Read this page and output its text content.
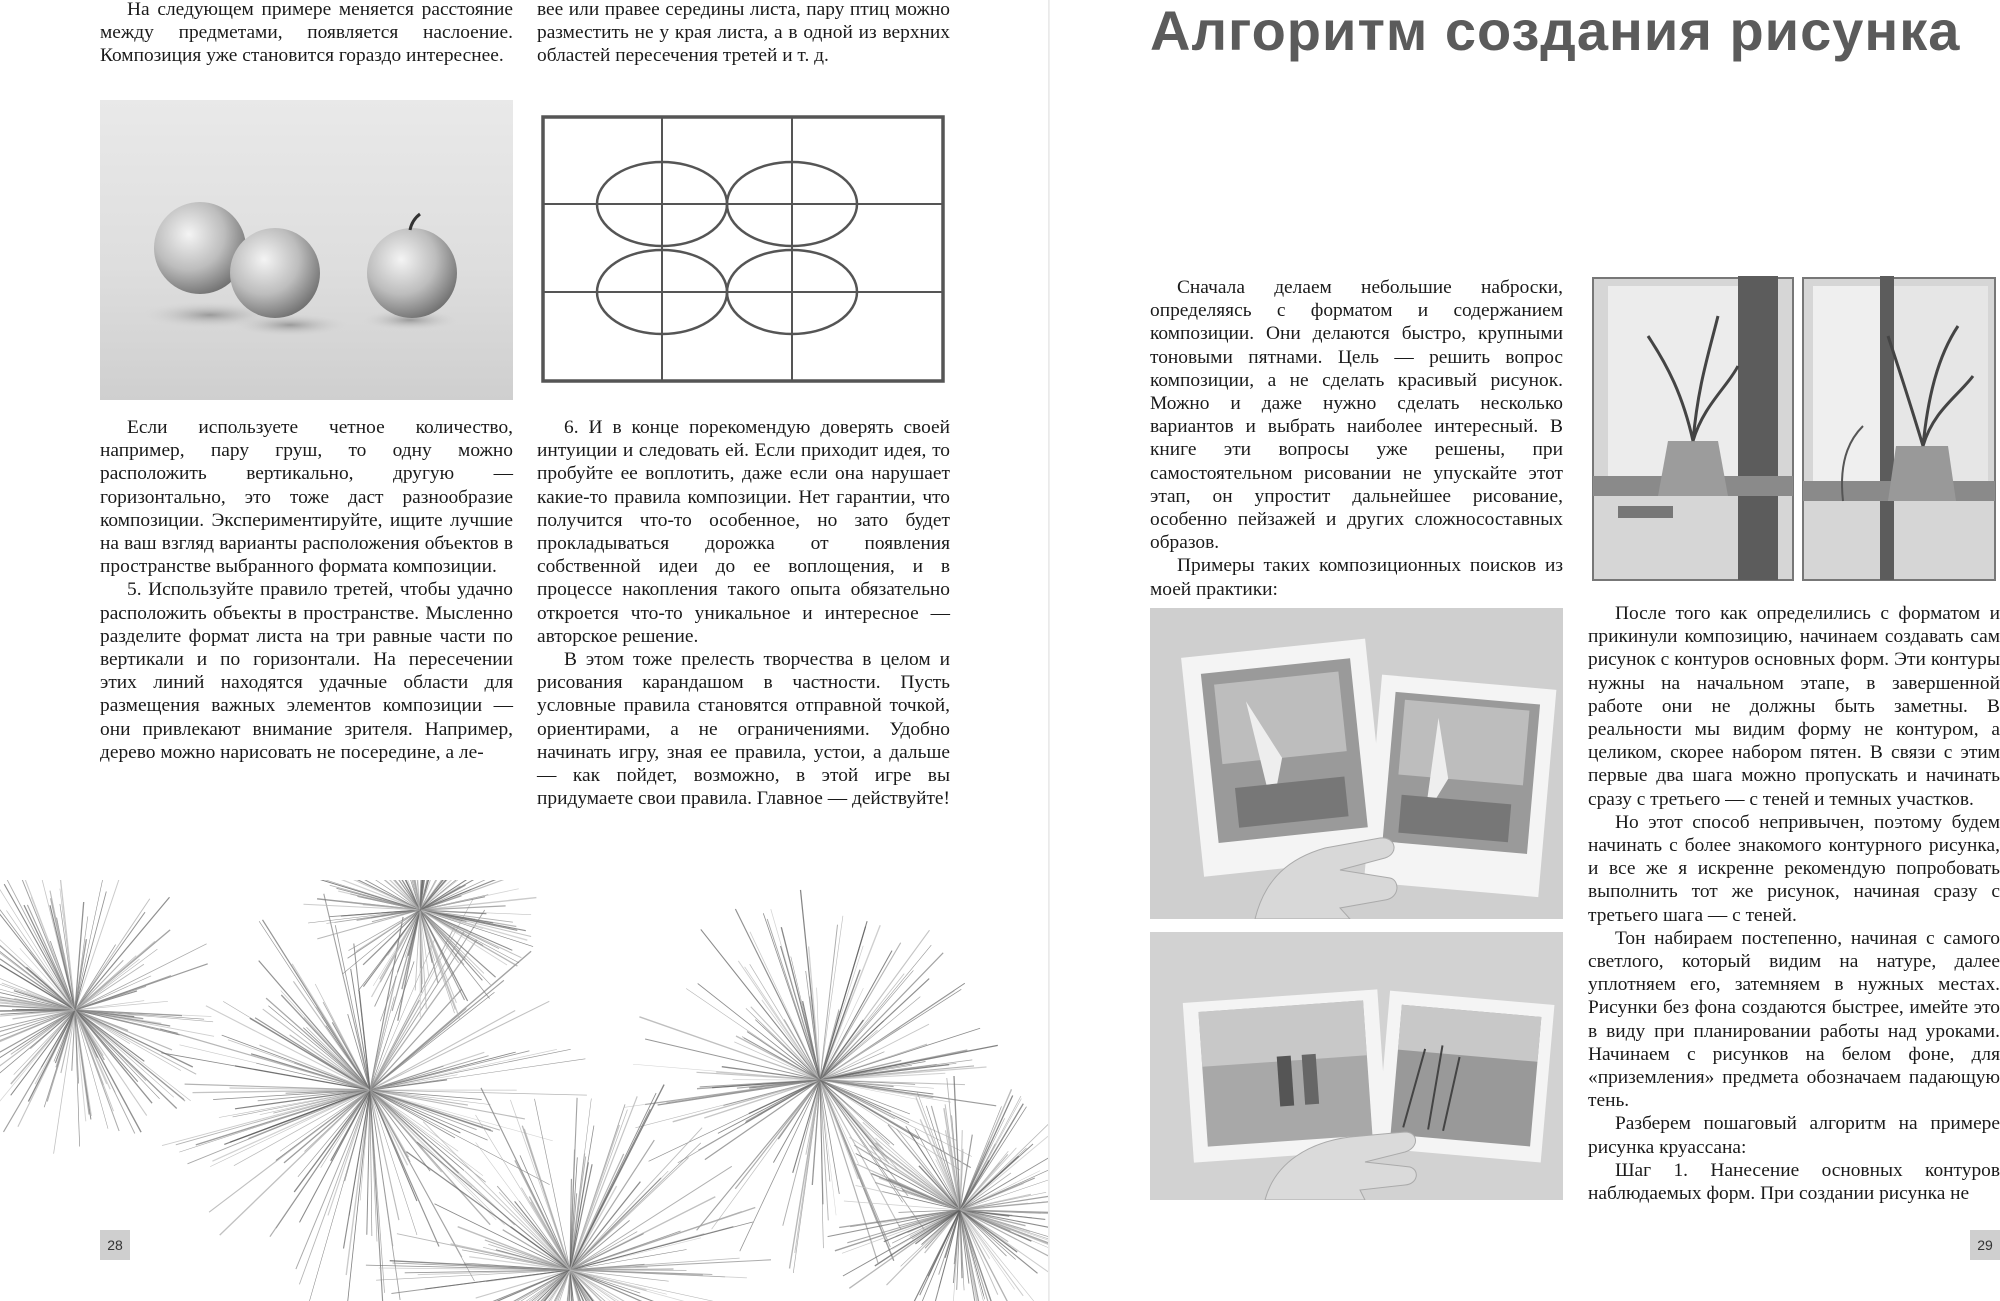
На следующем примере меняется расстояние между предметами, появляется наслоение. Композиция уже становится гораздо интереснее.

вее или правее середины листа, пару птиц можно разместить не у края листа, а в одной из верхних областей пересечения третей и т. д.

Если используете четное количество, например, пару груш, то одну можно расположить вертикально, другую — горизонтально, это тоже даст разнообразие композиции. Экспериментируйте, ищите лучшие на ваш взгляд варианты расположения объектов в пространстве выбранного формата композиции.

5. Используйте правило третей, чтобы удачно расположить объекты в пространстве. Мысленно разделите формат листа на три равные части по вертикали и по горизонтали. На пересечении этих линий находятся удачные области для размещения важных элементов композиции — они привлекают внимание зрителя. Например, дерево можно нарисовать не посередине, а ле-

6. И в конце порекомендую доверять своей интуиции и следовать ей. Если приходит идея, то пробуйте ее воплотить, даже если она нарушает какие-то правила композиции. Нет гарантии, что получится что-то особенное, но зато будет прокладываться дорожка от появления собственной идеи до ее воплощения, и в процессе накопления такого опыта обязательно откроется что-то уникальное и интересное — авторское решение.

В этом тоже прелесть творчества в целом и рисования карандашом в частности. Пусть условные правила становятся отправной точкой, ориентирами, а не ограничениями. Удобно начинать игру, зная ее правила, устои, а дальше — как пойдет, возможно, в этой игре вы придумаете свои правила. Главное — действуйте!

28

Сначала делаем небольшие наброски, определяясь с форматом и содержанием композиции. Они делаются быстро, крупными тоновыми пятнами. Цель — решить вопрос композиции, а не сделать красивый рисунок. Можно и даже нужно сделать несколько вариантов и выбрать наиболее интересный. В книге эти вопросы уже решены, при самостоятельном рисовании не упускайте этот этап, он упростит дальнейшее рисование, особенно пейзажей и других сложносоставных образов.

Примеры таких композиционных поисков из моей практики:

После того как определились с форматом и прикинули композицию, начинаем создавать сам рисунок с контуров основных форм. Эти контуры нужны на начальном этапе, в завершенной работе они не должны быть заметны. В реальности мы видим форму не контуром, а целиком, скорее набором пятен. В связи с этим первые два шага можно пропускать и начинать сразу с третьего — с теней и темных участков.

Но этот способ непривычен, поэтому будем начинать с более знакомого контурного рисунка, и все же я искренне рекомендую попробовать выполнить тот же рисунок, начиная сразу с третьего шага — с теней.

Тон набираем постепенно, начиная с самого светлого, который видим на натуре, далее уплотняем его, затемняем в нужных местах. Рисунки без фона создаются быстрее, имейте это в виду при планировании работы над уроками. Начинаем с рисунков на белом фоне, для «приземления» предмета обозначаем падающую тень.

Разберем пошаговый алгоритм на примере рисунка круассана:

Шаг 1. Нанесение основных контуров наблюдаемых форм. При создании рисунка не

29
Алгоритм создания рисунка
